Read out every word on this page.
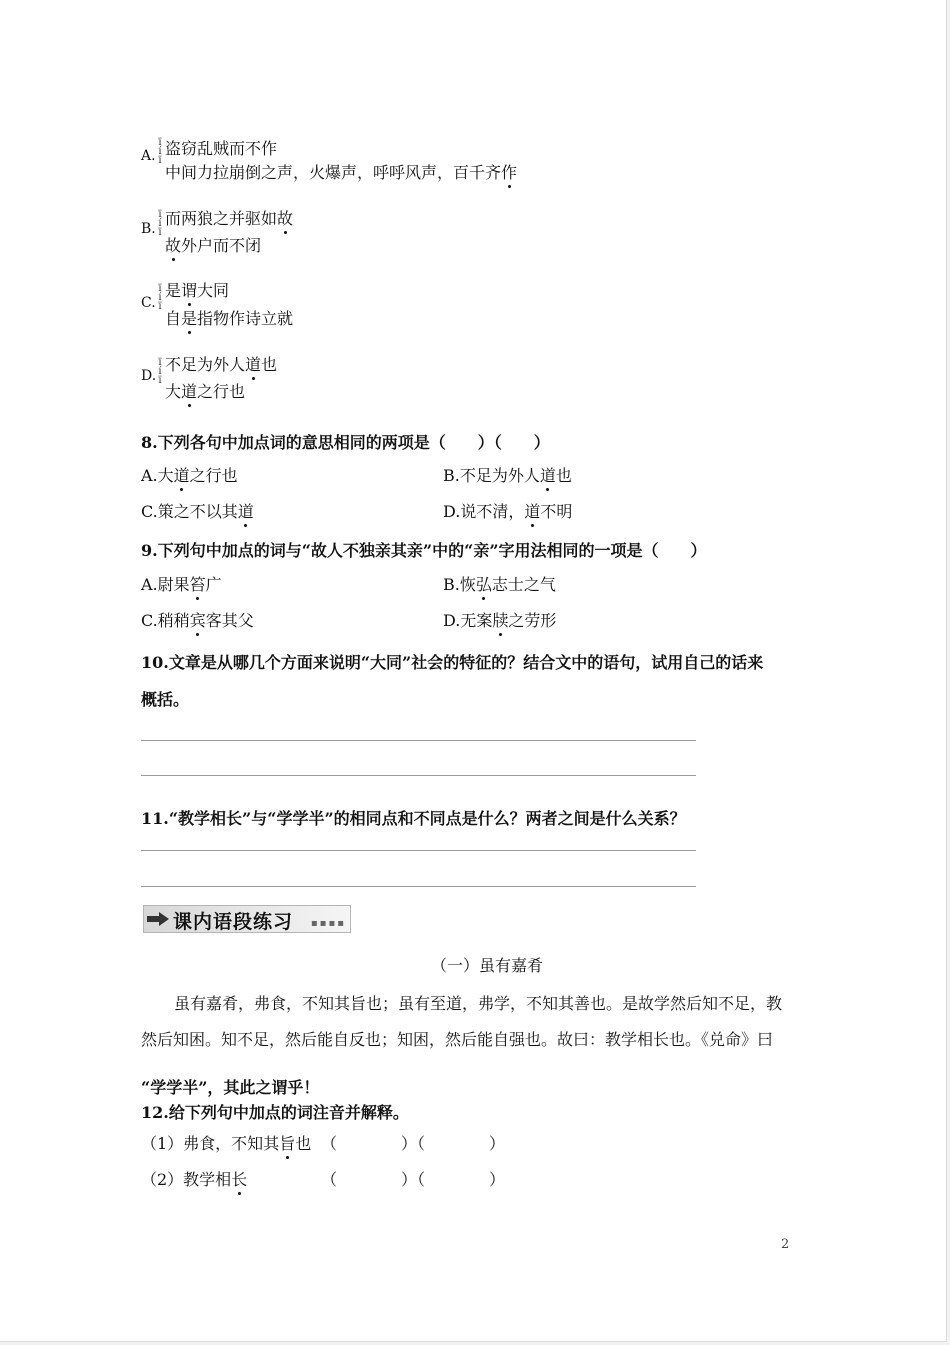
A.
ï
í
ï
盗窃乱贼而不作
中间力拉崩倒之声，火爆声，呼呼风声，百千齐作
B.
ï
í
ï
而两狼之并驱如故
故外户而不闭
C.
ï
í
ï
是谓大同
自是指物作诗立就
D.
ï
í
ï
不足为外人道也
大道之行也
8.下列各句中加点词的意思相同的两项是（　　）（　　）
A.大道之行也	B.不足为外人道也
C.策之不以其道	D.说不清，道不明
9.下列句中加点的词与“故人不独亲其亲”中的“亲”字用法相同的一项是（　　）
A.尉果笞广	B.恢弘志士之气
C.稍稍宾客其父	D.无案牍之劳形
10.文章是从哪几个方面来说明“大同”社会的特征的？结合文中的语句，试用自己的话来
概括。
11.“教学相长”与“学学半”的相同点和不同点是什么？两者之间是什么关系？
课内语段练习 ▪▪▪▪
（一）虽有嘉肴
虽有嘉肴，弗食，不知其旨也；虽有至道，弗学，不知其善也。是故学然后知不足，教
然后知困。知不足，然后能自反也；知困，然后能自强也。故曰：教学相长也。《兑命》曰
“学学半”，其此之谓乎！
12.给下列句中加点的词注音并解释。
（1）弗食，不知其旨也 （　　　　）（　　　　）
（2）教学相长	（　　　　）（　　　　）
2
